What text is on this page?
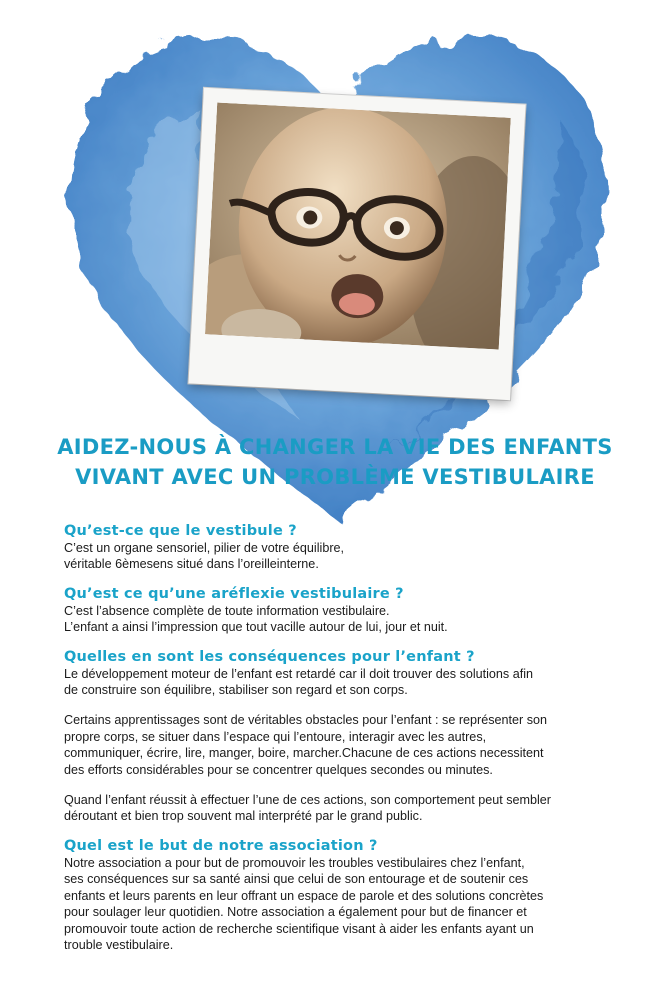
AIDEZ-NOUS À CHANGER LA VIE DES ENFANTS
VIVANT AVEC UN PROBLÈME VESTIBULAIRE
Qu’est-ce que le vestibule ?
C’est un organe sensoriel, pilier de votre équilibre,
véritable 6èmesens situé dans l’oreilleinterne.
Qu’est ce qu’une aréflexie vestibulaire ?
C’est l’absence complète de toute information vestibulaire.
L’enfant a ainsi l’impression que tout vacille autour de lui, jour et nuit.
Quelles en sont les conséquences pour l’enfant ?
Le développement moteur de l’enfant est retardé car il doit trouver des solutions afin
de construire son équilibre, stabiliser son regard et son corps.
Certains apprentissages sont de véritables obstacles pour l’enfant : se représenter son
propre corps, se situer dans l’espace qui l’entoure, interagir avec les autres,
communiquer, écrire, lire, manger, boire, marcher.Chacune de ces actions necessitent
des efforts considérables pour se concentrer quelques secondes ou minutes.
Quand l’enfant réussit à effectuer l’une de ces actions, son comportement peut sembler
déroutant et bien trop souvent mal interprété par le grand public.
Quel est le but de notre association ?
Notre association a pour but de promouvoir les troubles vestibulaires chez l’enfant,
ses conséquences sur sa santé ainsi que celui de son entourage et de soutenir ces
enfants et leurs parents en leur offrant un espace de parole et des solutions concrètes
pour soulager leur quotidien. Notre association a également pour but de financer et
promouvoir toute action de recherche scientifique visant à aider les enfants ayant un
trouble vestibulaire.
